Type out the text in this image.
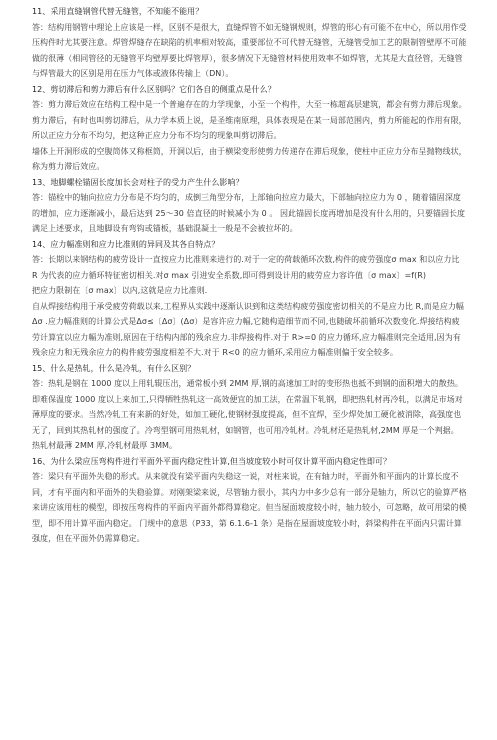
11、采用直缝钢管代替无缝管，不知能不能用？

答：结构用钢管中理论上应该是一样，区别不是很大，直缝焊管不如无缝钢规则，焊管的形心有可能不在中心，所以用作受压构件时尤其要注意。焊管焊缝存在缺陷的机率相对较高，重要部位不可代替无缝管，无缝管受加工艺的限制管壁厚不可能做的很薄（相同管径的无缝管平均壁厚要比焊管厚），很多情况下无缝管材料使用效率不如焊管，尤其是大直径管，无缝管与焊管最大的区别是用在压力气体或液体传输上（DN）。

12、剪切滞后和剪力滞后有什么区别吗？它们各自的侧重点是什么？

答：剪力滞后效应在结构工程中是一个普遍存在的力学现象，小至一个构件，大至一栋超高层建筑，都会有剪力滞后现象。剪力滞后，有时也叫剪切滞后，从力学本质上说，是圣维南原理，具体表现是在某一局部范围内，剪力所能起的作用有限，所以正应力分布不均匀，把这种正应力分布不均匀的现象叫剪切滞后。

墙体上开洞形成的空腹筒体又称框筒，开洞以后，由于横梁变形使剪力传递存在滞后现象，使柱中正应力分布呈抛物线状，称为剪力滞后效应。

13、地脚螺栓锚固长度加长会对柱子的受力产生什么影响？

答：锚栓中的轴向拉应力分布是不均匀的，成倒三角型分布，上部轴向拉应力最大，下部轴向拉应力为 0 ，随着锚固深度的增加，应力逐渐减小，最后达到 25～30 倍直径的时候减小为 0 。 因此锚固长度再增加是没有什么用的，只要锚固长度满足上述要求，且地脚设有弯钩或锚板，基础混凝土一般是不会被拉坏的。

14、应力幅准则和应力比准则的异同及其各自特点？

答：长期以来钢结构的疲劳设计一直按应力比准则来进行的.对于一定的荷载循环次数,构件的疲劳强度σ max 和以应力比 R 为代表的应力循环特征密切相关.对σ max 引进安全系数,即可得到设计用的疲劳应力容许值〔σ max〕=f(R)

把应力限制在〔σ max〕以内,这就是应力比准则.

自从焊接结构用于承受疲劳荷载以来,工程界从实践中逐渐认识到和这类结构疲劳强度密切相关的不是应力比 R,而是应力幅Δσ .应力幅准则的计算公式是Δσ≤〔Δσ〕(Δσ）是容许应力幅,它随构造细节而不同,也随破坏前循环次数变化.焊接结构疲劳计算宜以应力幅为准则,原因在于结构内部的残余应力.非焊接构件.对于 R>=0 的应力循环,应力幅准则完全适用,因为有残余应力和无残余应力的构件疲劳强度相差不大.对于 R<0 的应力循环,采用应力幅准则偏于安全较多。

15、什么是热轧，什么是冷轧，有什么区别？

答：热轧是钢在 1000 度以上用轧辊压出，通常板小到 2MM 厚,钢的高速加工时的变形热也抵不到钢的面积增大的散热。即难保温度 1000 度以上来加工,只得牺牲热轧这一高效便宜的加工法，在常温下轧钢，即把热轧材再冷轧，以满足市场对薄厚度的要求。当然冷轧工有来新的好处，如加工硬化,使钢材强度提高，但不宜焊，至少焊处加工硬化被消除，高强度也无了，回到其热轧材的强度了。冷弯型钢可用热轧材，如钢管，也可用冷轧材。冷轧材还是热轧材,2MM 厚是一个判据。 热轧材最薄 2MM 厚,冷轧材最厚 3MM。

16、为什么梁应压弯构件进行平面外平面内稳定性计算,但当坡度较小时可仅计算平面内稳定性即可？

答：梁只有平面外失稳的形式。从来就没有梁平面内失稳这一说，对柱来说，在有轴力时，平面外和平面内的计算长度不同，才有平面内和平面外的失稳验算。对刚架梁来说，尽管轴力很小，其内力中多少总有一部分是轴力，所以它的验算严格来讲应该用柱的模型，即按压弯构件的平面内平面外都得算稳定。但当屋面坡度较小时，轴力较小，可忽略，故可用梁的模型，即不用计算平面内稳定。 门规中的意思（P33，第 6.1.6-1 条）是指在屋面坡度较小时，斜梁构件在平面内只需计算强度，但在平面外仍需算稳定。
